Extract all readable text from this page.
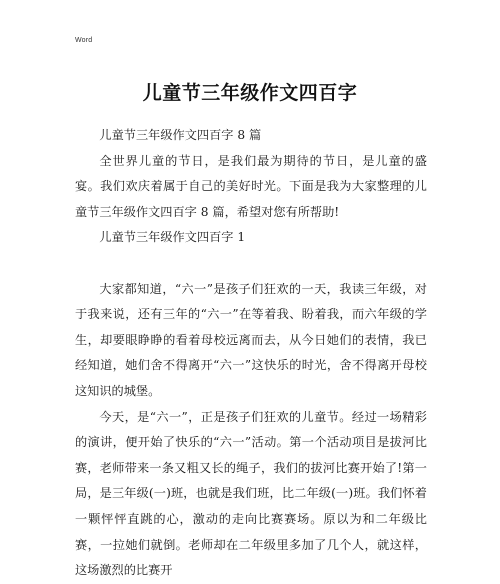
Word
儿童节三年级作文四百字

儿童节三年级作文四百字 8 篇

全世界儿童的节日，是我们最为期待的节日，是儿童的盛宴。我们欢庆着属于自己的美好时光。下面是我为大家整理的儿童节三年级作文四百字 8 篇，希望对您有所帮助!

儿童节三年级作文四百字 1

大家都知道，“六一”是孩子们狂欢的一天，我读三年级，对于我来说，还有三年的“六一”在等着我、盼着我，而六年级的学生，却要眼睁睁的看着母校远离而去，从今日她们的表情，我已经知道，她们舍不得离开“六一”这快乐的时光，舍不得离开母校这知识的城堡。

今天，是“六一”，正是孩子们狂欢的儿童节。经过一场精彩的演讲，便开始了快乐的“六一”活动。第一个活动项目是拔河比赛，老师带来一条又粗又长的绳子，我们的拔河比赛开始了!第一局，是三年级(一)班，也就是我们班，比二年级(一)班。我们怀着一颗怦怦直跳的心，激动的走向比赛赛场。原以为和二年级比赛，一拉她们就倒。老师却在二年级里多加了几个人，就这样，这场激烈的比赛开
